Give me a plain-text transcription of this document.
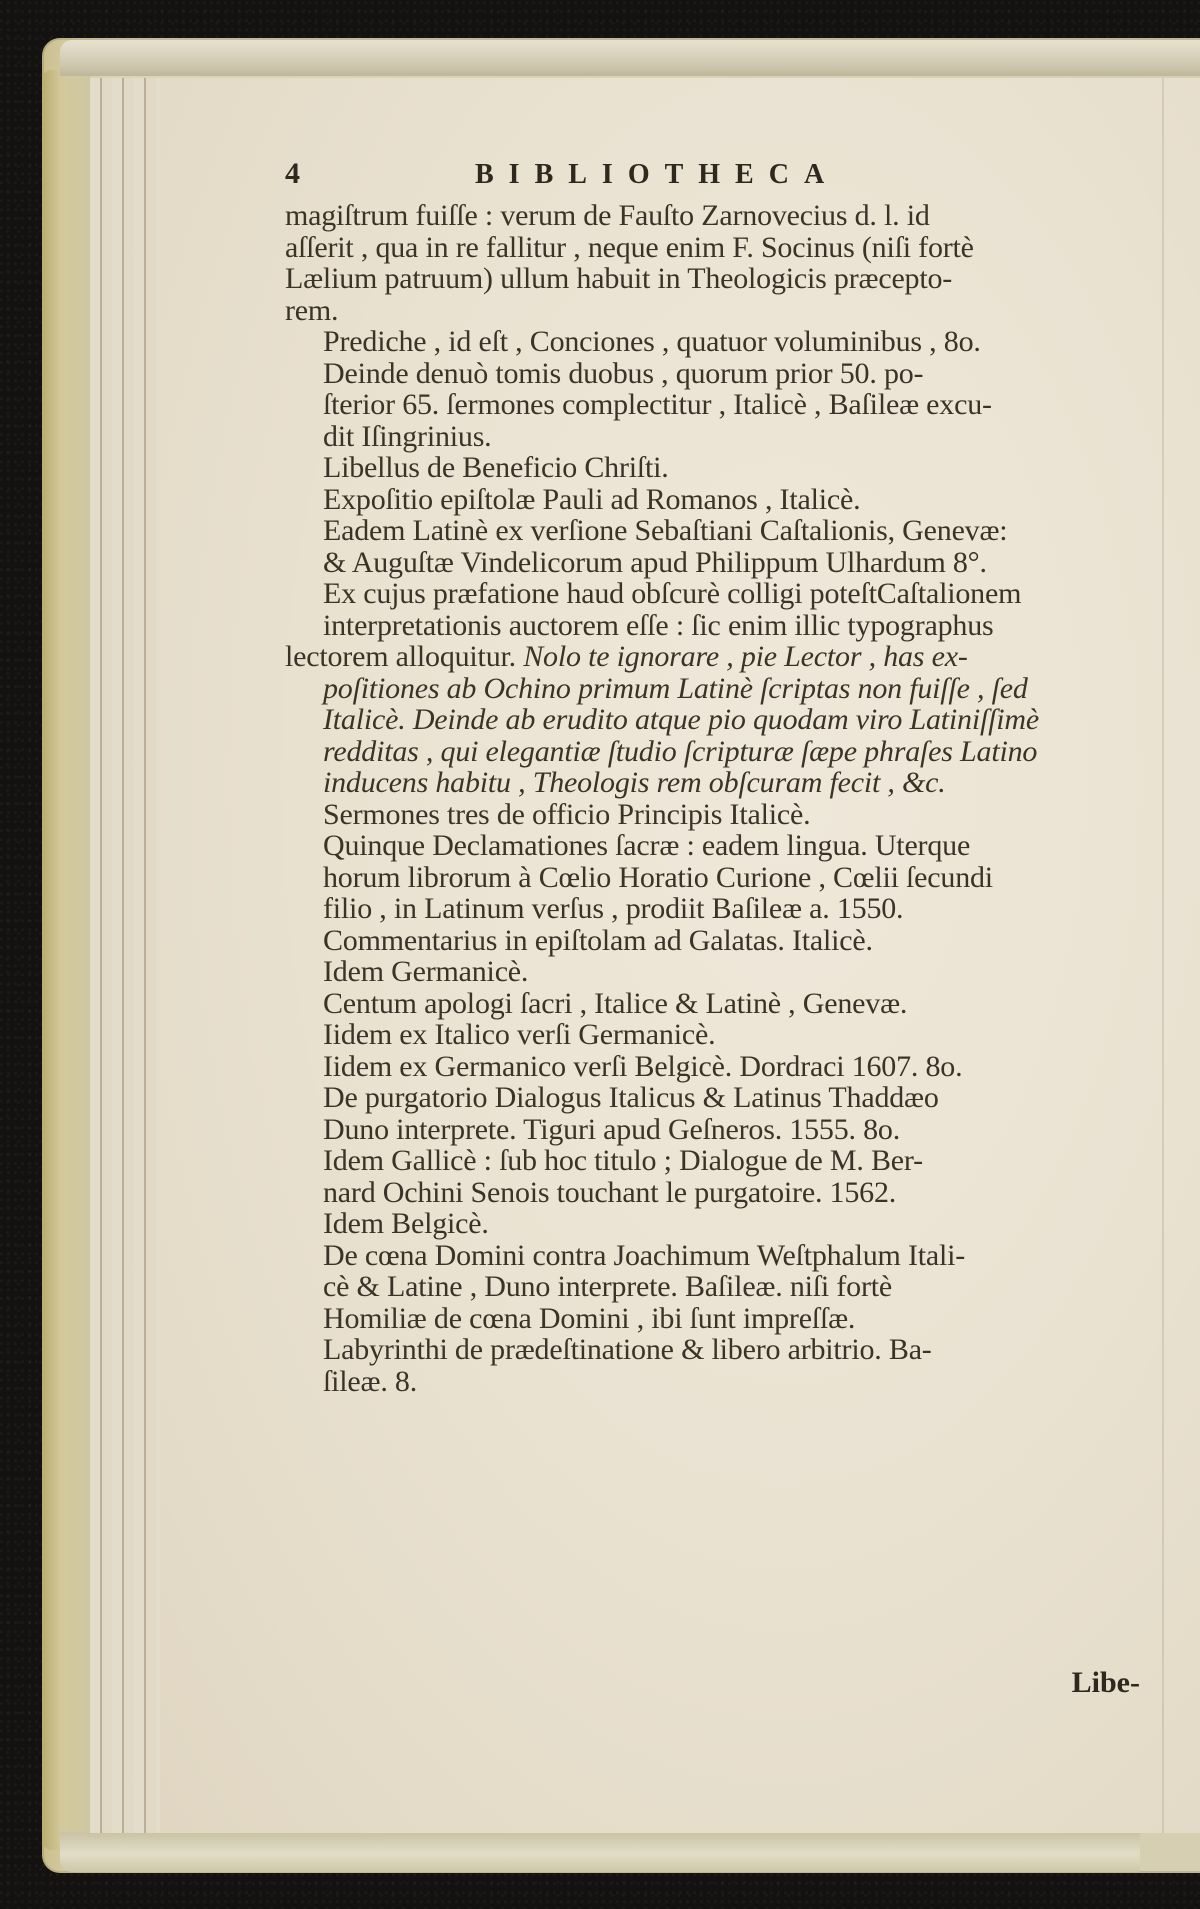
4	BIBLIOTHECA
magiſtrum fuiſſe : verum de Fauſto Zarnovecius d. l. id
aſſerit , qua in re fallitur , neque enim F. Socinus (niſi fortè
Lælium patruum) ullum habuit in Theologicis præcepto-
rem.
Prediche , id eſt , Conciones , quatuor voluminibus , 8o.
Deinde denuò tomis duobus , quorum prior 50. po-
ſterior 65. ſermones complectitur , Italicè , Baſileæ excu-
dit Iſingrinius.
Libellus de Beneficio Chriſti.
Expoſitio epiſtolæ Pauli ad Romanos , Italicè.
Eadem Latinè ex verſione Sebaſtiani Caſtalionis, Genevæ:
& Auguſtæ Vindelicorum apud Philippum Ulhardum 8°.
Ex cujus præfatione haud obſcurè colligi poteſtCaſtalionem
interpretationis auctorem eſſe : ſic enim illic typographus
lectorem alloquitur. Nolo te ignorare , pie Lector , has ex-
poſitiones ab Ochino primum Latinè ſcriptas non fuiſſe , ſed
Italicè. Deinde ab erudito atque pio quodam viro Latiniſſimè
redditas , qui elegantiæ ſtudio ſcripturæ ſæpe phraſes Latino
inducens habitu , Theologis rem obſcuram fecit , &c.
Sermones tres de officio Principis Italicè.
Quinque Declamationes ſacræ : eadem lingua. Uterque
horum librorum à Cœlio Horatio Curione , Cœlii ſecundi
filio , in Latinum verſus , prodiit Baſileæ a. 1550.
Commentarius in epiſtolam ad Galatas. Italicè.
Idem Germanicè.
Centum apologi ſacri , Italice & Latinè , Genevæ.
Iidem ex Italico verſi Germanicè.
Iidem ex Germanico verſi Belgicè. Dordraci 1607. 8o.
De purgatorio Dialogus Italicus & Latinus Thaddæo
Duno interprete. Tiguri apud Geſneros. 1555. 8o.
Idem Gallicè : ſub hoc titulo ; Dialogue de M. Ber-
nard Ochini Senois touchant le purgatoire. 1562.
Idem Belgicè.
De cœna Domini contra Joachimum Weſtphalum Itali-
cè & Latine , Duno interprete. Baſileæ. niſi fortè
Homiliæ de cœna Domini , ibi ſunt impreſſæ.
Labyrinthi de prædeſtinatione & libero arbitrio. Ba-
ſileæ. 8.
Libe-
